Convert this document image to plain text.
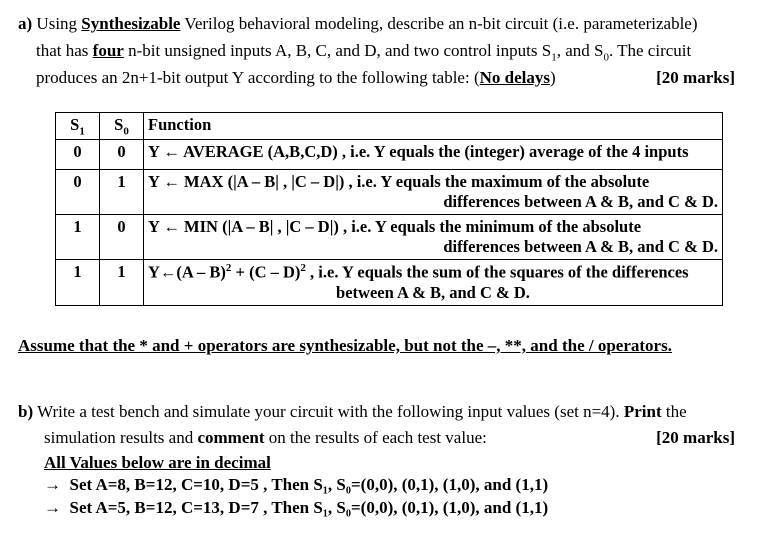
a) Using Synthesizable Verilog behavioral modeling, describe an n-bit circuit (i.e. parameterizable)
that has four n-bit unsigned inputs A, B, C, and D, and two control inputs $S_1$, and $S_0$. The circuit
produces an 2n+1-bit output Y according to the following table: (No delays)	[20 marks]
$S_1$	$S_0$	Function
0	0	Y ← AVERAGE (A,B,C,D) , i.e. Y equals the (integer) average of the 4 inputs

0	1	Y ← MAX (|A – B| , |C – D|) , i.e. Y equals the maximum of the absolute
differences between A & B, and C & D.

1	0	Y ← MIN (|A – B| , |C – D|) , i.e. Y equals the minimum of the absolute
differences between A & B, and C & D.

1	1	Y←(A – B)$^2$ + (C – D)$^2$ , i.e. Y equals the sum of the squares of the differences
between A & B, and C & D.
Assume that the * and + operators are synthesizable, but not the –, **, and the / operators.
b) Write a test bench and simulate your circuit with the following input values (set n=4). Print the
simulation results and comment on the results of each test value:	[20 marks]
All Values below are in decimal
→ Set A=8, B=12, C=10, D=5 , Then S₁, S₀=(0,0), (0,1), (1,0), and (1,1)
→ Set A=5, B=12, C=13, D=7 , Then S₁, S₀=(0,0), (0,1), (1,0), and (1,1)
